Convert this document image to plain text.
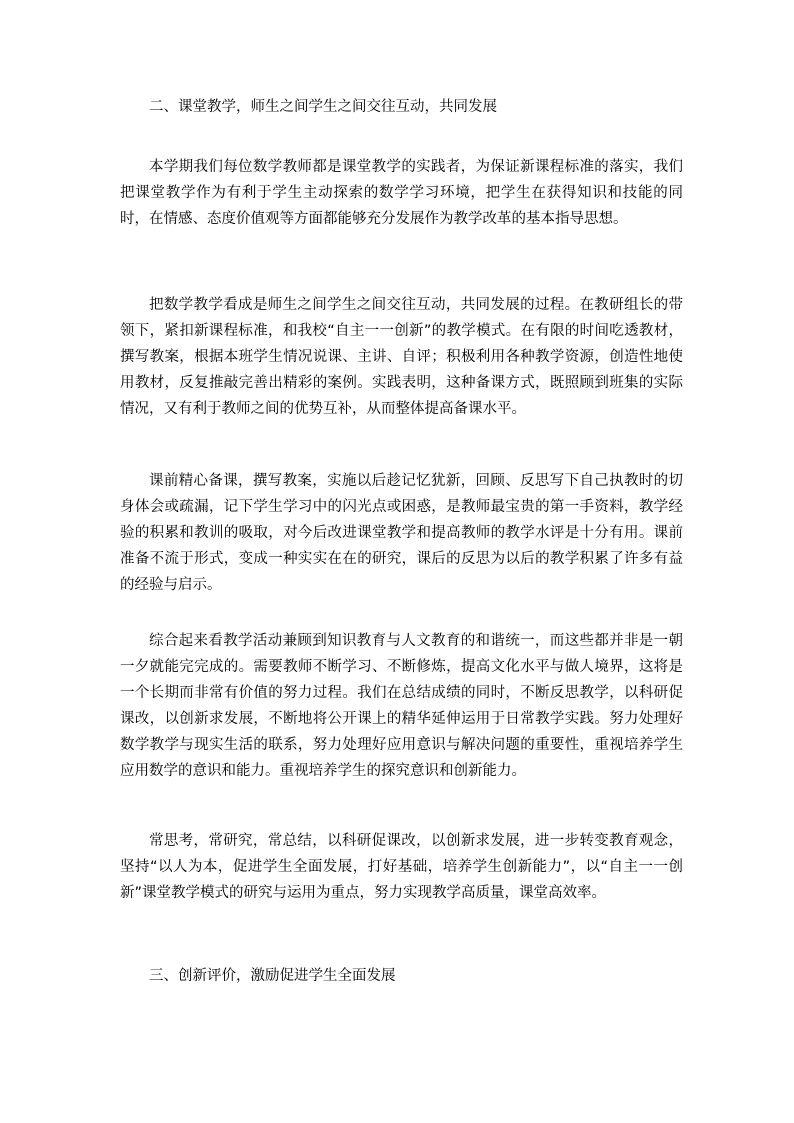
二、课堂教学，师生之间学生之间交往互动，共同发展

本学期我们每位数学教师都是课堂教学的实践者，为保证新课程标准的落实，我们把课堂教学作为有利于学生主动探索的数学学习环境，把学生在获得知识和技能的同时，在情感、态度价值观等方面都能够充分发展作为教学改革的基本指导思想。

把数学教学看成是师生之间学生之间交往互动，共同发展的过程。在教研组长的带领下，紧扣新课程标准，和我校“自主一一创新”的教学模式。在有限的时间吃透教材，撰写教案，根据本班学生情况说课、主讲、自评；积极利用各种教学资源，创造性地使用教材，反复推敲完善出精彩的案例。实践表明，这种备课方式，既照顾到班集的实际情况，又有利于教师之间的优势互补，从而整体提高备课水平。

课前精心备课，撰写教案，实施以后趁记忆犹新，回顾、反思写下自己执教时的切身体会或疏漏，记下学生学习中的闪光点或困惑，是教师最宝贵的第一手资料，教学经验的积累和教训的吸取，对今后改进课堂教学和提高教师的教学水评是十分有用。课前准备不流于形式，变成一种实实在在的研究，课后的反思为以后的教学积累了许多有益的经验与启示。

综合起来看教学活动兼顾到知识教育与人文教育的和谐统一，而这些都并非是一朝一夕就能完完成的。需要教师不断学习、不断修炼，提高文化水平与做人境界，这将是一个长期而非常有价值的努力过程。我们在总结成绩的同时，不断反思教学，以科研促课改，以创新求发展，不断地将公开课上的精华延伸运用于日常教学实践。努力处理好数学教学与现实生活的联系，努力处理好应用意识与解决问题的重要性，重视培养学生应用数学的意识和能力。重视培养学生的探究意识和创新能力。

常思考，常研究，常总结，以科研促课改，以创新求发展，进一步转变教育观念，坚持“以人为本，促进学生全面发展，打好基础，培养学生创新能力”，以“自主一一创新”课堂教学模式的研究与运用为重点，努力实现教学高质量，课堂高效率。

三、创新评价，激励促进学生全面发展
